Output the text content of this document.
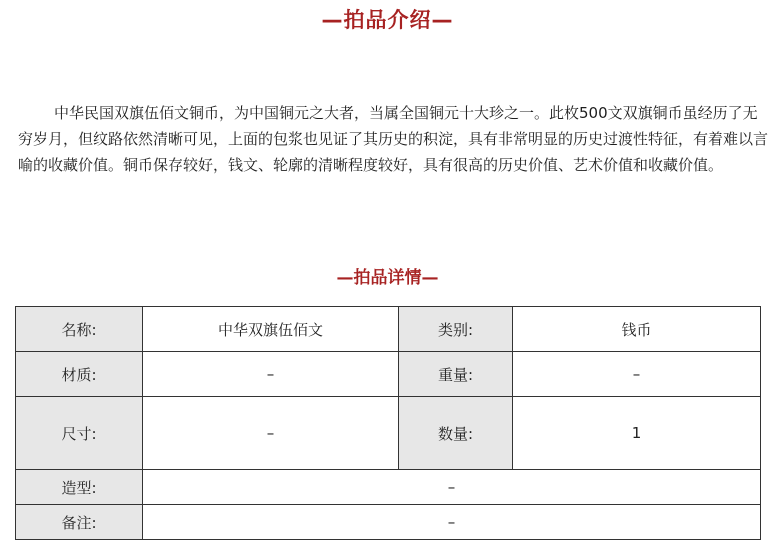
—拍品介绍—

中华民国双旗伍佰文铜币，为中国铜元之大者，当属全国铜元十大珍之一。此枚500文双旗铜币虽经历了无穷岁月，但纹路依然清晰可见，上面的包浆也见证了其历史的积淀，具有非常明显的历史过渡性特征，有着难以言喻的收藏价值。铜币保存较好，钱文、轮廓的清晰程度较好，具有很高的历史价值、艺术价值和收藏价值。

—拍品详情—
名称:	中华双旗伍佰文	类别:	钱币
材质:	–	重量:	–
尺寸:	–	数量:	1
造型:	–		
备注:	–		
